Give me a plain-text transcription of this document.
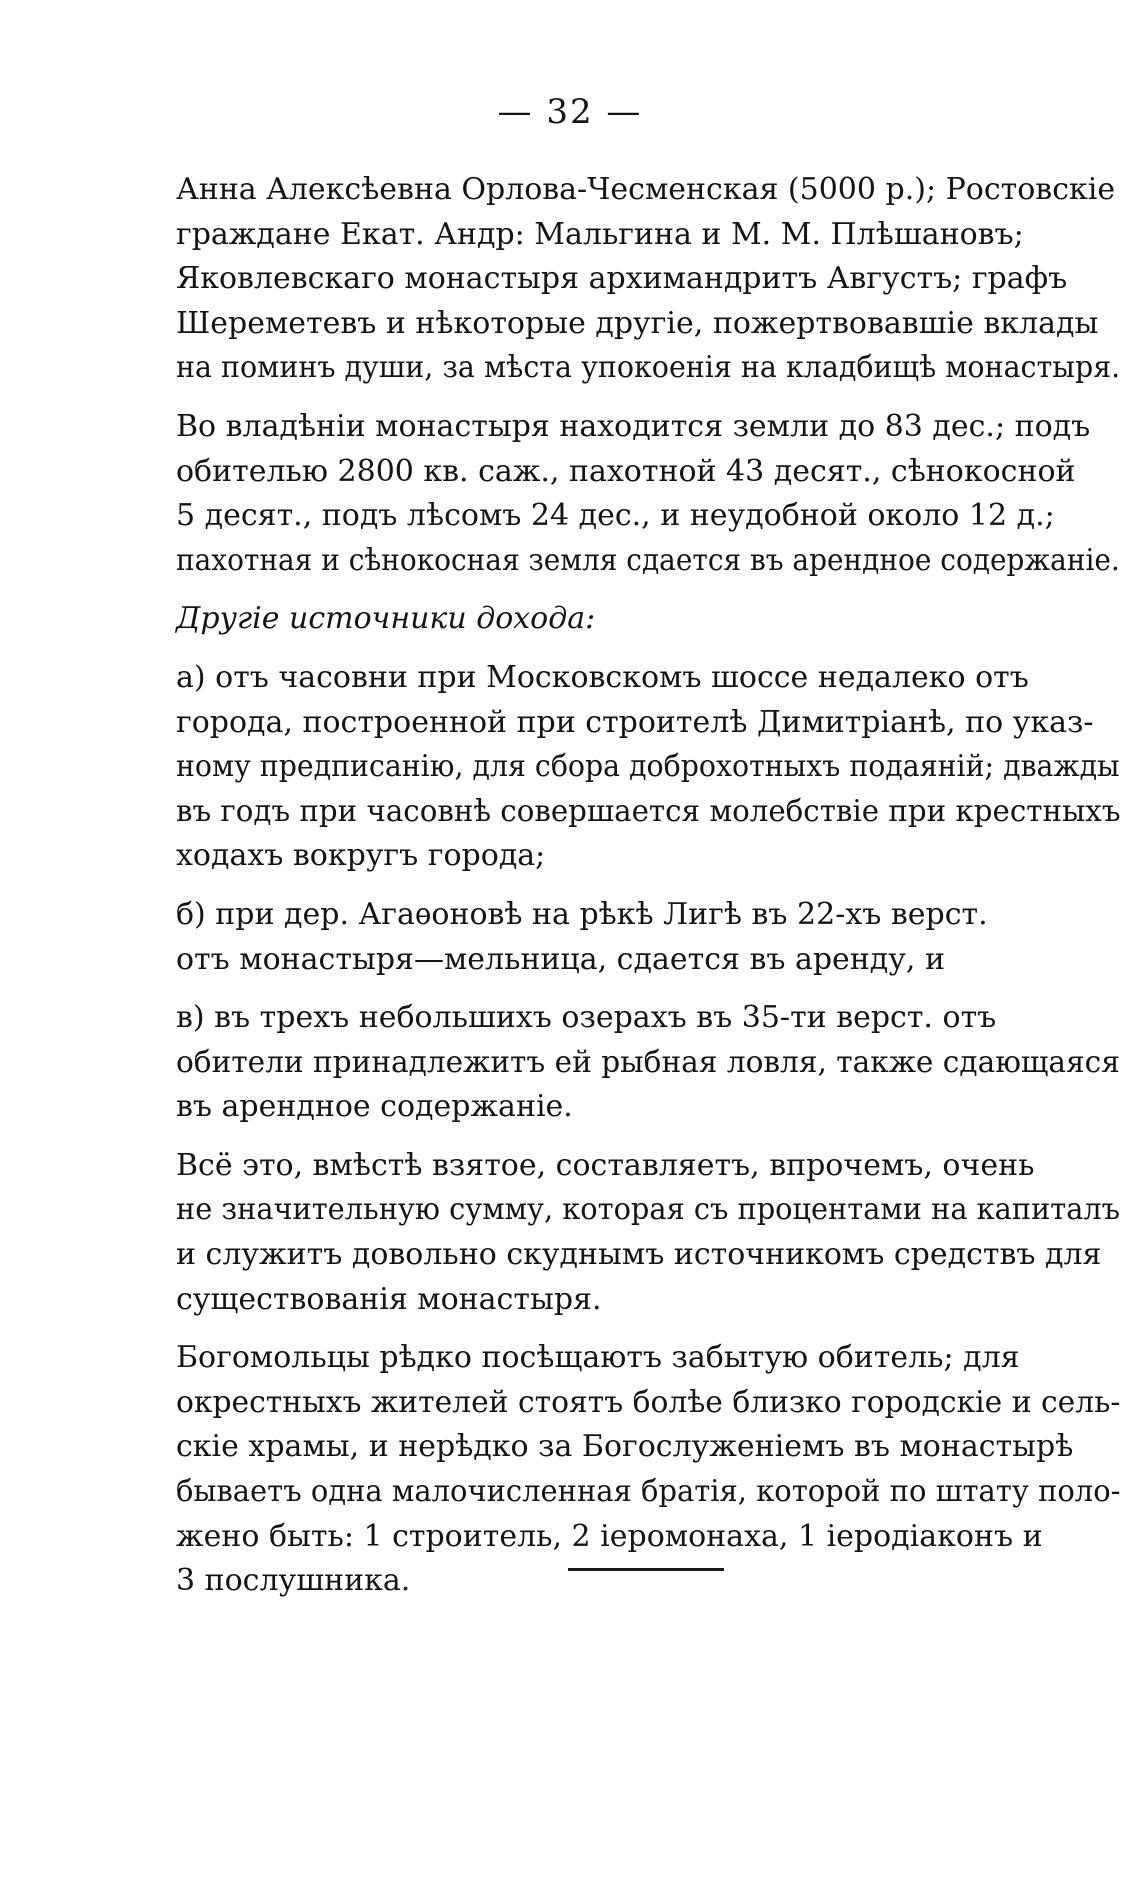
— 32 —
Анна Алексѣевна Орлова-Чесменская (5000 р.); Ростовскіе
граждане Екат. Андр: Мальгина и М. М. Плѣшановъ;
Яковлевскаго монастыря архимандритъ Августъ; графъ
Шереметевъ и нѣкоторые другіе, пожертвовавшіе вклады
на поминъ души, за мѣста упокоенія на кладбищѣ монастыря.
Во владѣніи монастыря находится земли до 83 дес.; подъ
обителью 2800 кв. саж., пахотной 43 десят., сѣнокосной
5 десят., подъ лѣсомъ 24 дес., и неудобной около 12 д.;
пахотная и сѣнокосная земля сдается въ арендное содержаніе.
Другіе источники дохода:
а) отъ часовни при Московскомъ шоссе недалеко отъ
города, построенной при строителѣ Димитріанѣ, по указ-
ному предписанію, для сбора доброхотныхъ подаяній; дважды
въ годъ при часовнѣ совершается молебствіе при крестныхъ
ходахъ вокругъ города;
б) при дер. Агаѳоновѣ на рѣкѣ Лигѣ въ 22-хъ верст.
отъ монастыря—мельница, сдается въ аренду, и
в) въ трехъ небольшихъ озерахъ въ 35-ти верст. отъ
обители принадлежитъ ей рыбная ловля, также сдающаяся
въ арендное содержаніе.
Всё это, вмѣстѣ взятое, составляетъ, впрочемъ, очень
не значительную сумму, которая съ процентами на капиталъ
и служитъ довольно скуднымъ источникомъ средствъ для
существованія монастыря.
Богомольцы рѣдко посѣщаютъ забытую обитель; для
окрестныхъ жителей стоятъ болѣе близко городскіе и сель-
скіе храмы, и нерѣдко за Богослуженіемъ въ монастырѣ
бываетъ одна малочисленная братія, которой по штату поло-
жено быть: 1 строитель, 2 іеромонаха, 1 іеродіаконъ и
3 послушника.
